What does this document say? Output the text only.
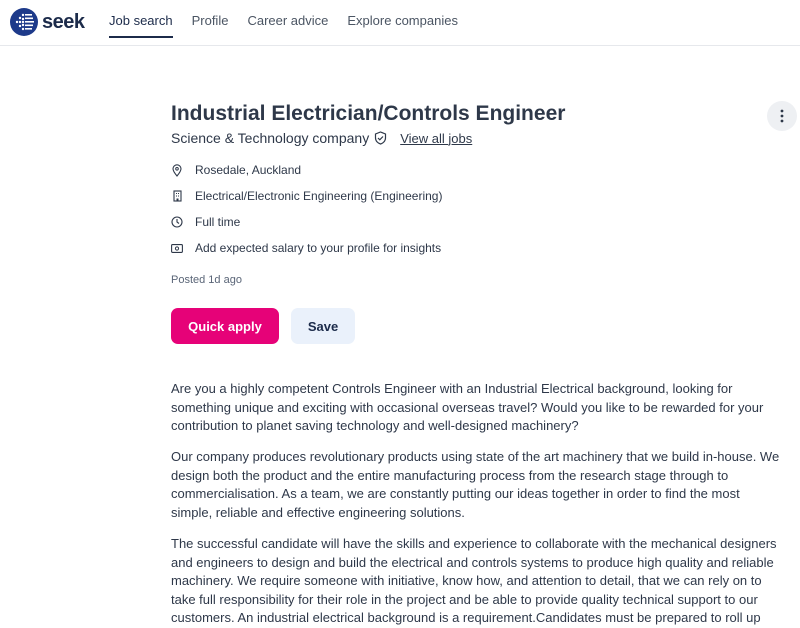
seek Job search Profile Career advice Explore companies
Industrial Electrician/Controls Engineer
Science & Technology company View all jobs
Rosedale, Auckland
Electrical/Electronic Engineering (Engineering)
Full time
Add expected salary to your profile for insights
Posted 1d ago
Quick apply	Save

Are you a highly competent Controls Engineer with an Industrial Electrical background, looking for something unique and exciting with occasional overseas travel? Would you like to be rewarded for your contribution to planet saving technology and well-designed machinery?

Our company produces revolutionary products using state of the art machinery that we build in-house. We design both the product and the entire manufacturing process from the research stage through to commercialisation. As a team, we are constantly putting our ideas together in order to find the most simple, reliable and effective engineering solutions.

The successful candidate will have the skills and experience to collaborate with the mechanical designers and engineers to design and build the electrical and controls systems to produce high quality and reliable machinery. We require someone with initiative, know how, and attention to detail, that we can rely on to take full responsibility for their role in the project and be able to provide quality technical support to our customers. An industrial electrical background is a requirement.Candidates must be prepared to roll up
